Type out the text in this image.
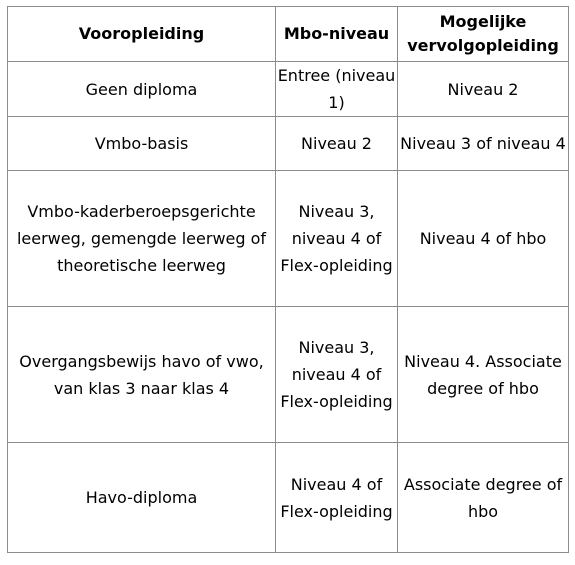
Vooropleiding	Mbo-niveau	Mogelijke vervolgopleiding
Geen diploma	Entree (niveau 1)	Niveau 2
Vmbo-basis	Niveau 2	Niveau 3 of niveau 4
Vmbo-kaderberoepsgerichte leerweg, gemengde leerweg of theoretische leerweg	Niveau 3, niveau 4 of Flex-opleiding	Niveau 4 of hbo
Overgangsbewijs havo of vwo, van klas 3 naar klas 4	Niveau 3, niveau 4 of Flex-opleiding	Niveau 4. Associate degree of hbo
Havo-diploma	Niveau 4 of Flex-opleiding	Associate degree of hbo
